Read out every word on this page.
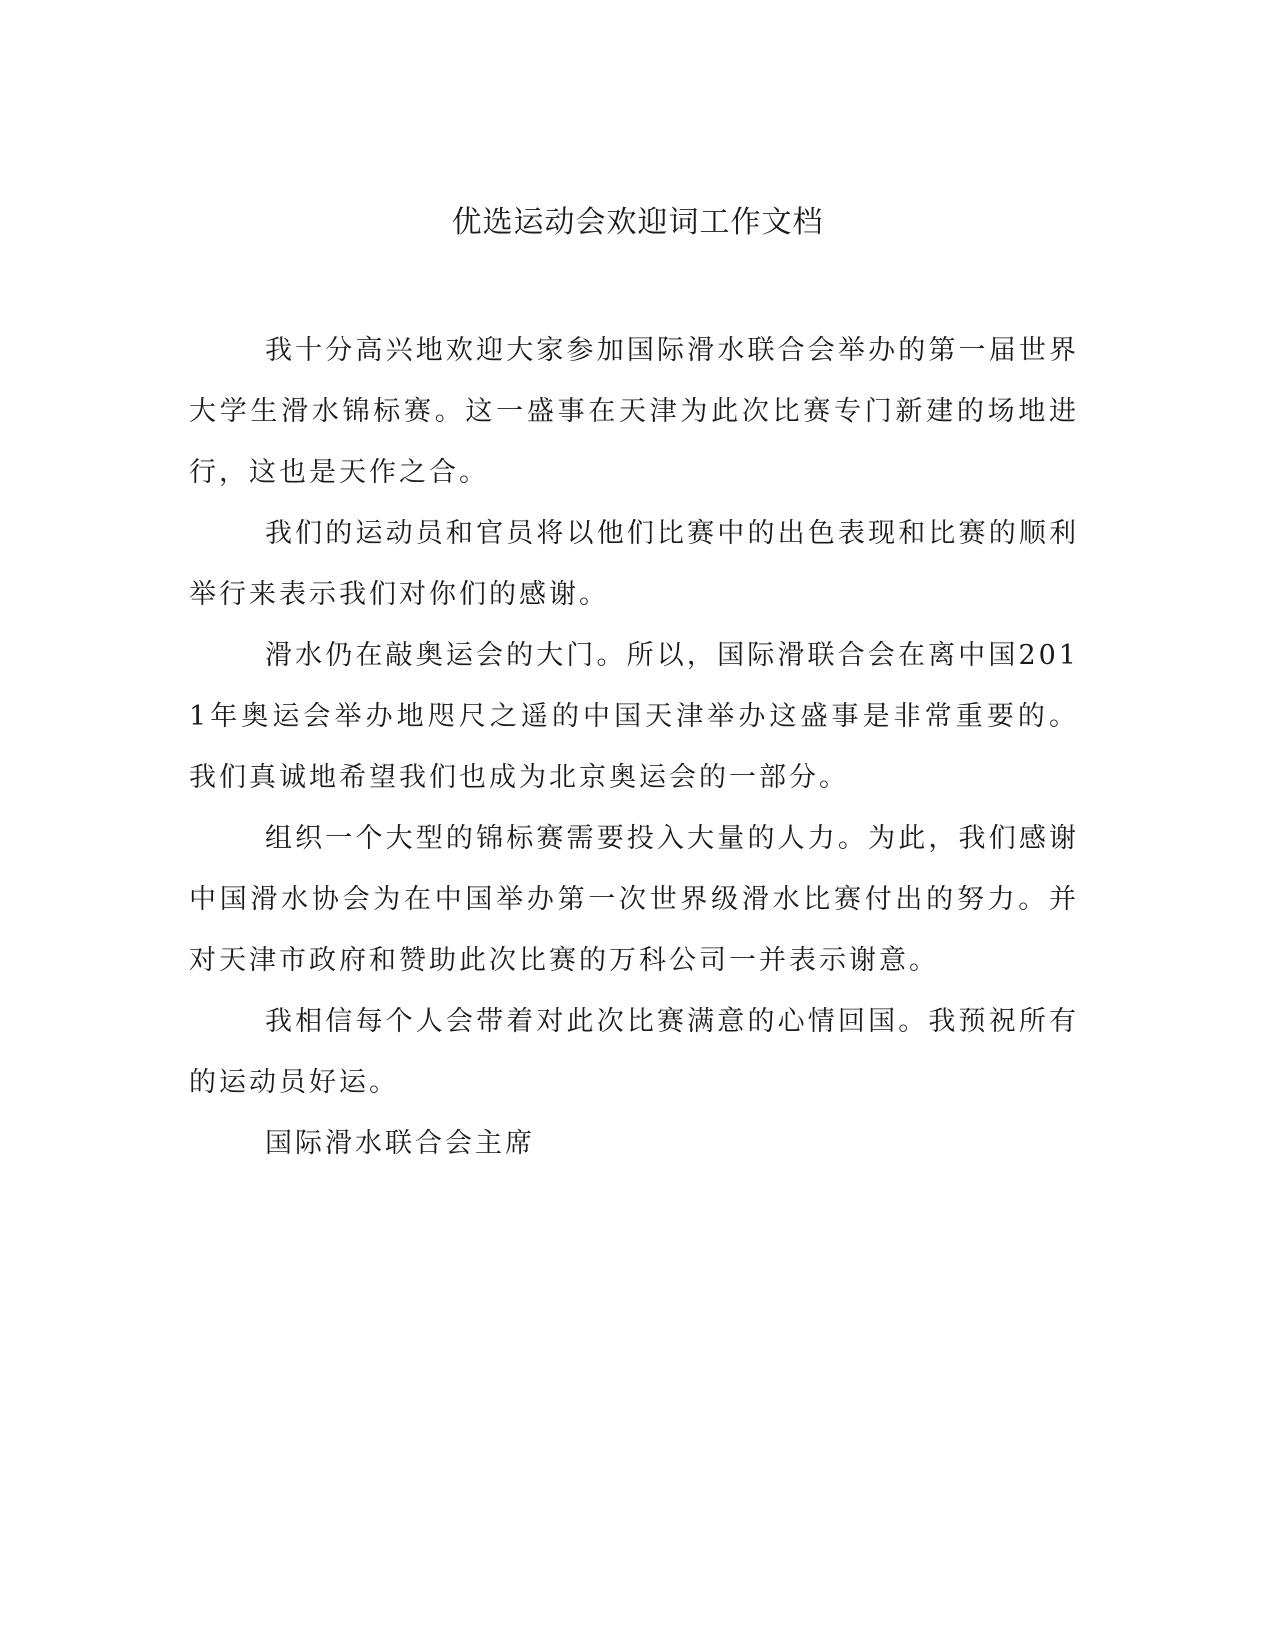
优选运动会欢迎词工作文档

我十分高兴地欢迎大家参加国际滑水联合会举办的第一届世界大学生滑水锦标赛。这一盛事在天津为此次比赛专门新建的场地进行，这也是天作之合。

我们的运动员和官员将以他们比赛中的出色表现和比赛的顺利举行来表示我们对你们的感谢。

滑水仍在敲奥运会的大门。所以，国际滑联合会在离中国2011年奥运会举办地咫尺之遥的中国天津举办这盛事是非常重要的。我们真诚地希望我们也成为北京奥运会的一部分。

组织一个大型的锦标赛需要投入大量的人力。为此，我们感谢中国滑水协会为在中国举办第一次世界级滑水比赛付出的努力。并对天津市政府和赞助此次比赛的万科公司一并表示谢意。

我相信每个人会带着对此次比赛满意的心情回国。我预祝所有的运动员好运。

国际滑水联合会主席
